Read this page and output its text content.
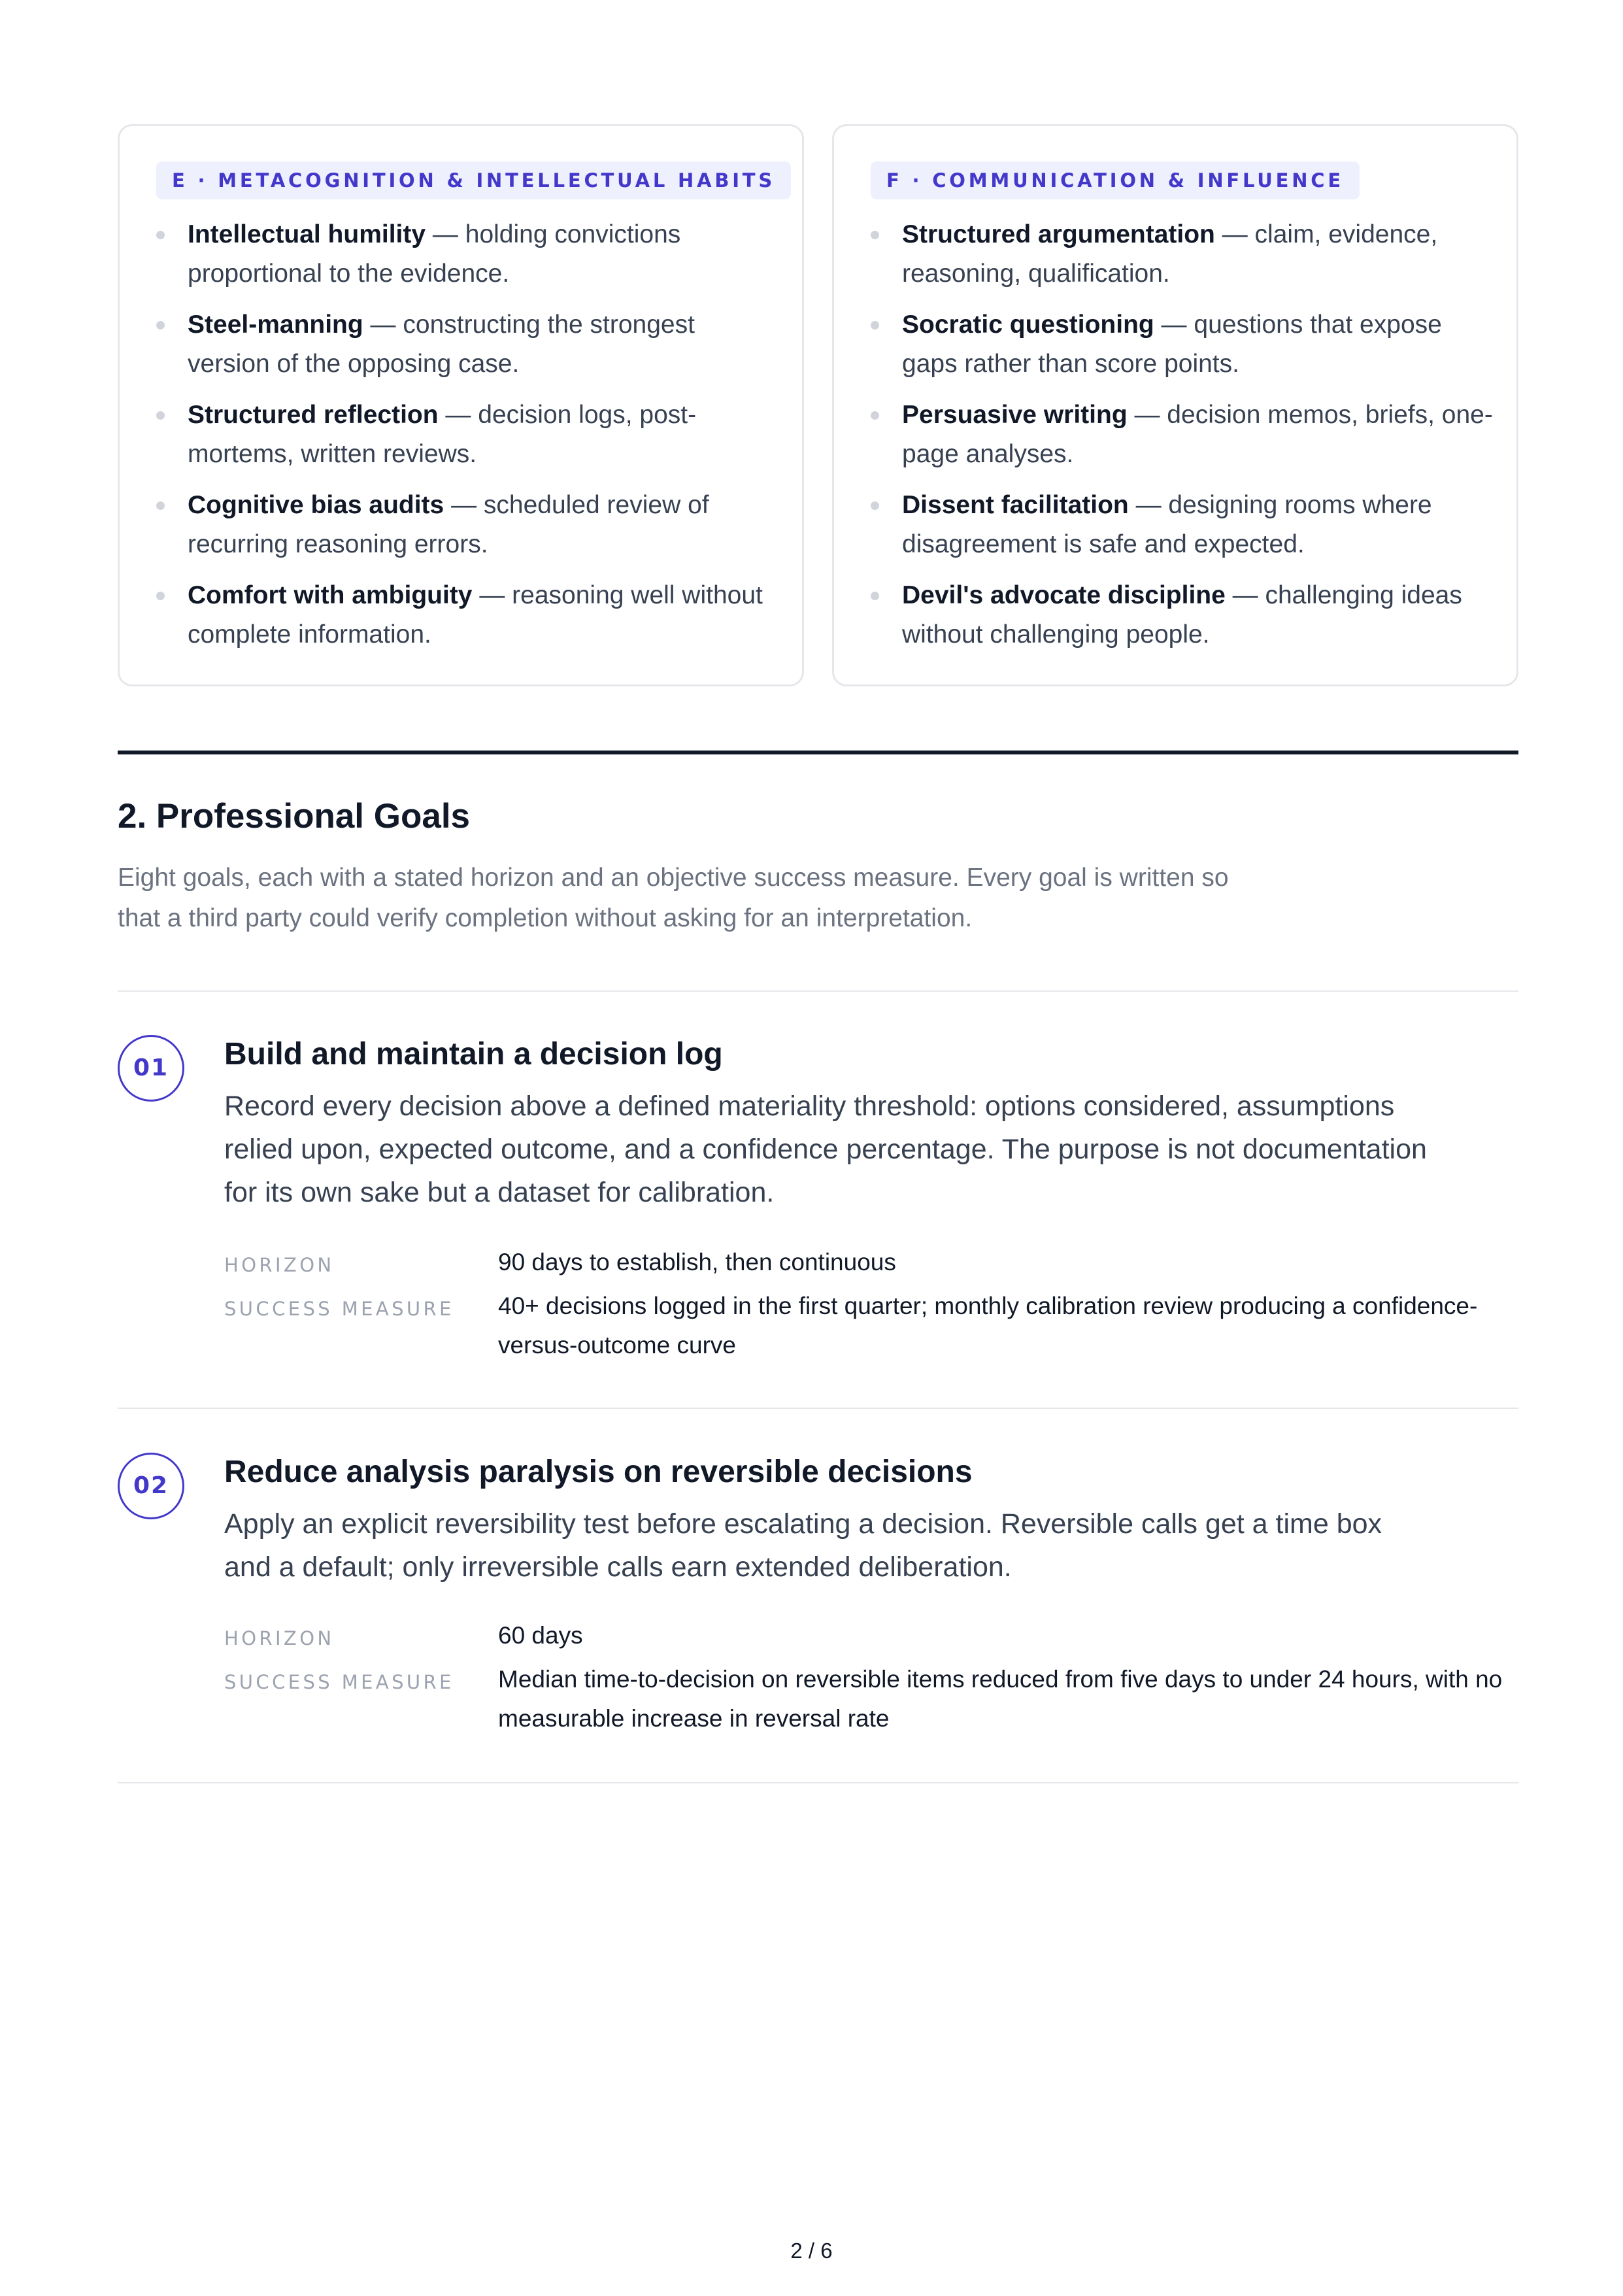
E · METACOGNITION & INTELLECTUAL HABITS
Intellectual humility — holding convictions proportional to the evidence.
Steel-manning — constructing the strongest version of the opposing case.
Structured reflection — decision logs, post-mortems, written reviews.
Cognitive bias audits — scheduled review of recurring reasoning errors.
Comfort with ambiguity — reasoning well without complete information.
F · COMMUNICATION & INFLUENCE
Structured argumentation — claim, evidence, reasoning, qualification.
Socratic questioning — questions that expose gaps rather than score points.
Persuasive writing — decision memos, briefs, one-page analyses.
Dissent facilitation — designing rooms where disagreement is safe and expected.
Devil's advocate discipline — challenging ideas without challenging people.
2. Professional Goals
Eight goals, each with a stated horizon and an objective success measure. Every goal is written so that a third party could verify completion without asking for an interpretation.
01	Build and maintain a decision log
Record every decision above a defined materiality threshold: options considered, assumptions relied upon, expected outcome, and a confidence percentage. The purpose is not documentation for its own sake but a dataset for calibration.
HORIZON	90 days to establish, then continuous
SUCCESS MEASURE 40+ decisions logged in the first quarter; monthly calibration review producing a confidence-versus-outcome curve
02	Reduce analysis paralysis on reversible decisions
Apply an explicit reversibility test before escalating a decision. Reversible calls get a time box and a default; only irreversible calls earn extended deliberation.
HORIZON	60 days
SUCCESS MEASURE Median time-to-decision on reversible items reduced from five days to under 24 hours, with no measurable increase in reversal rate
2 / 6
